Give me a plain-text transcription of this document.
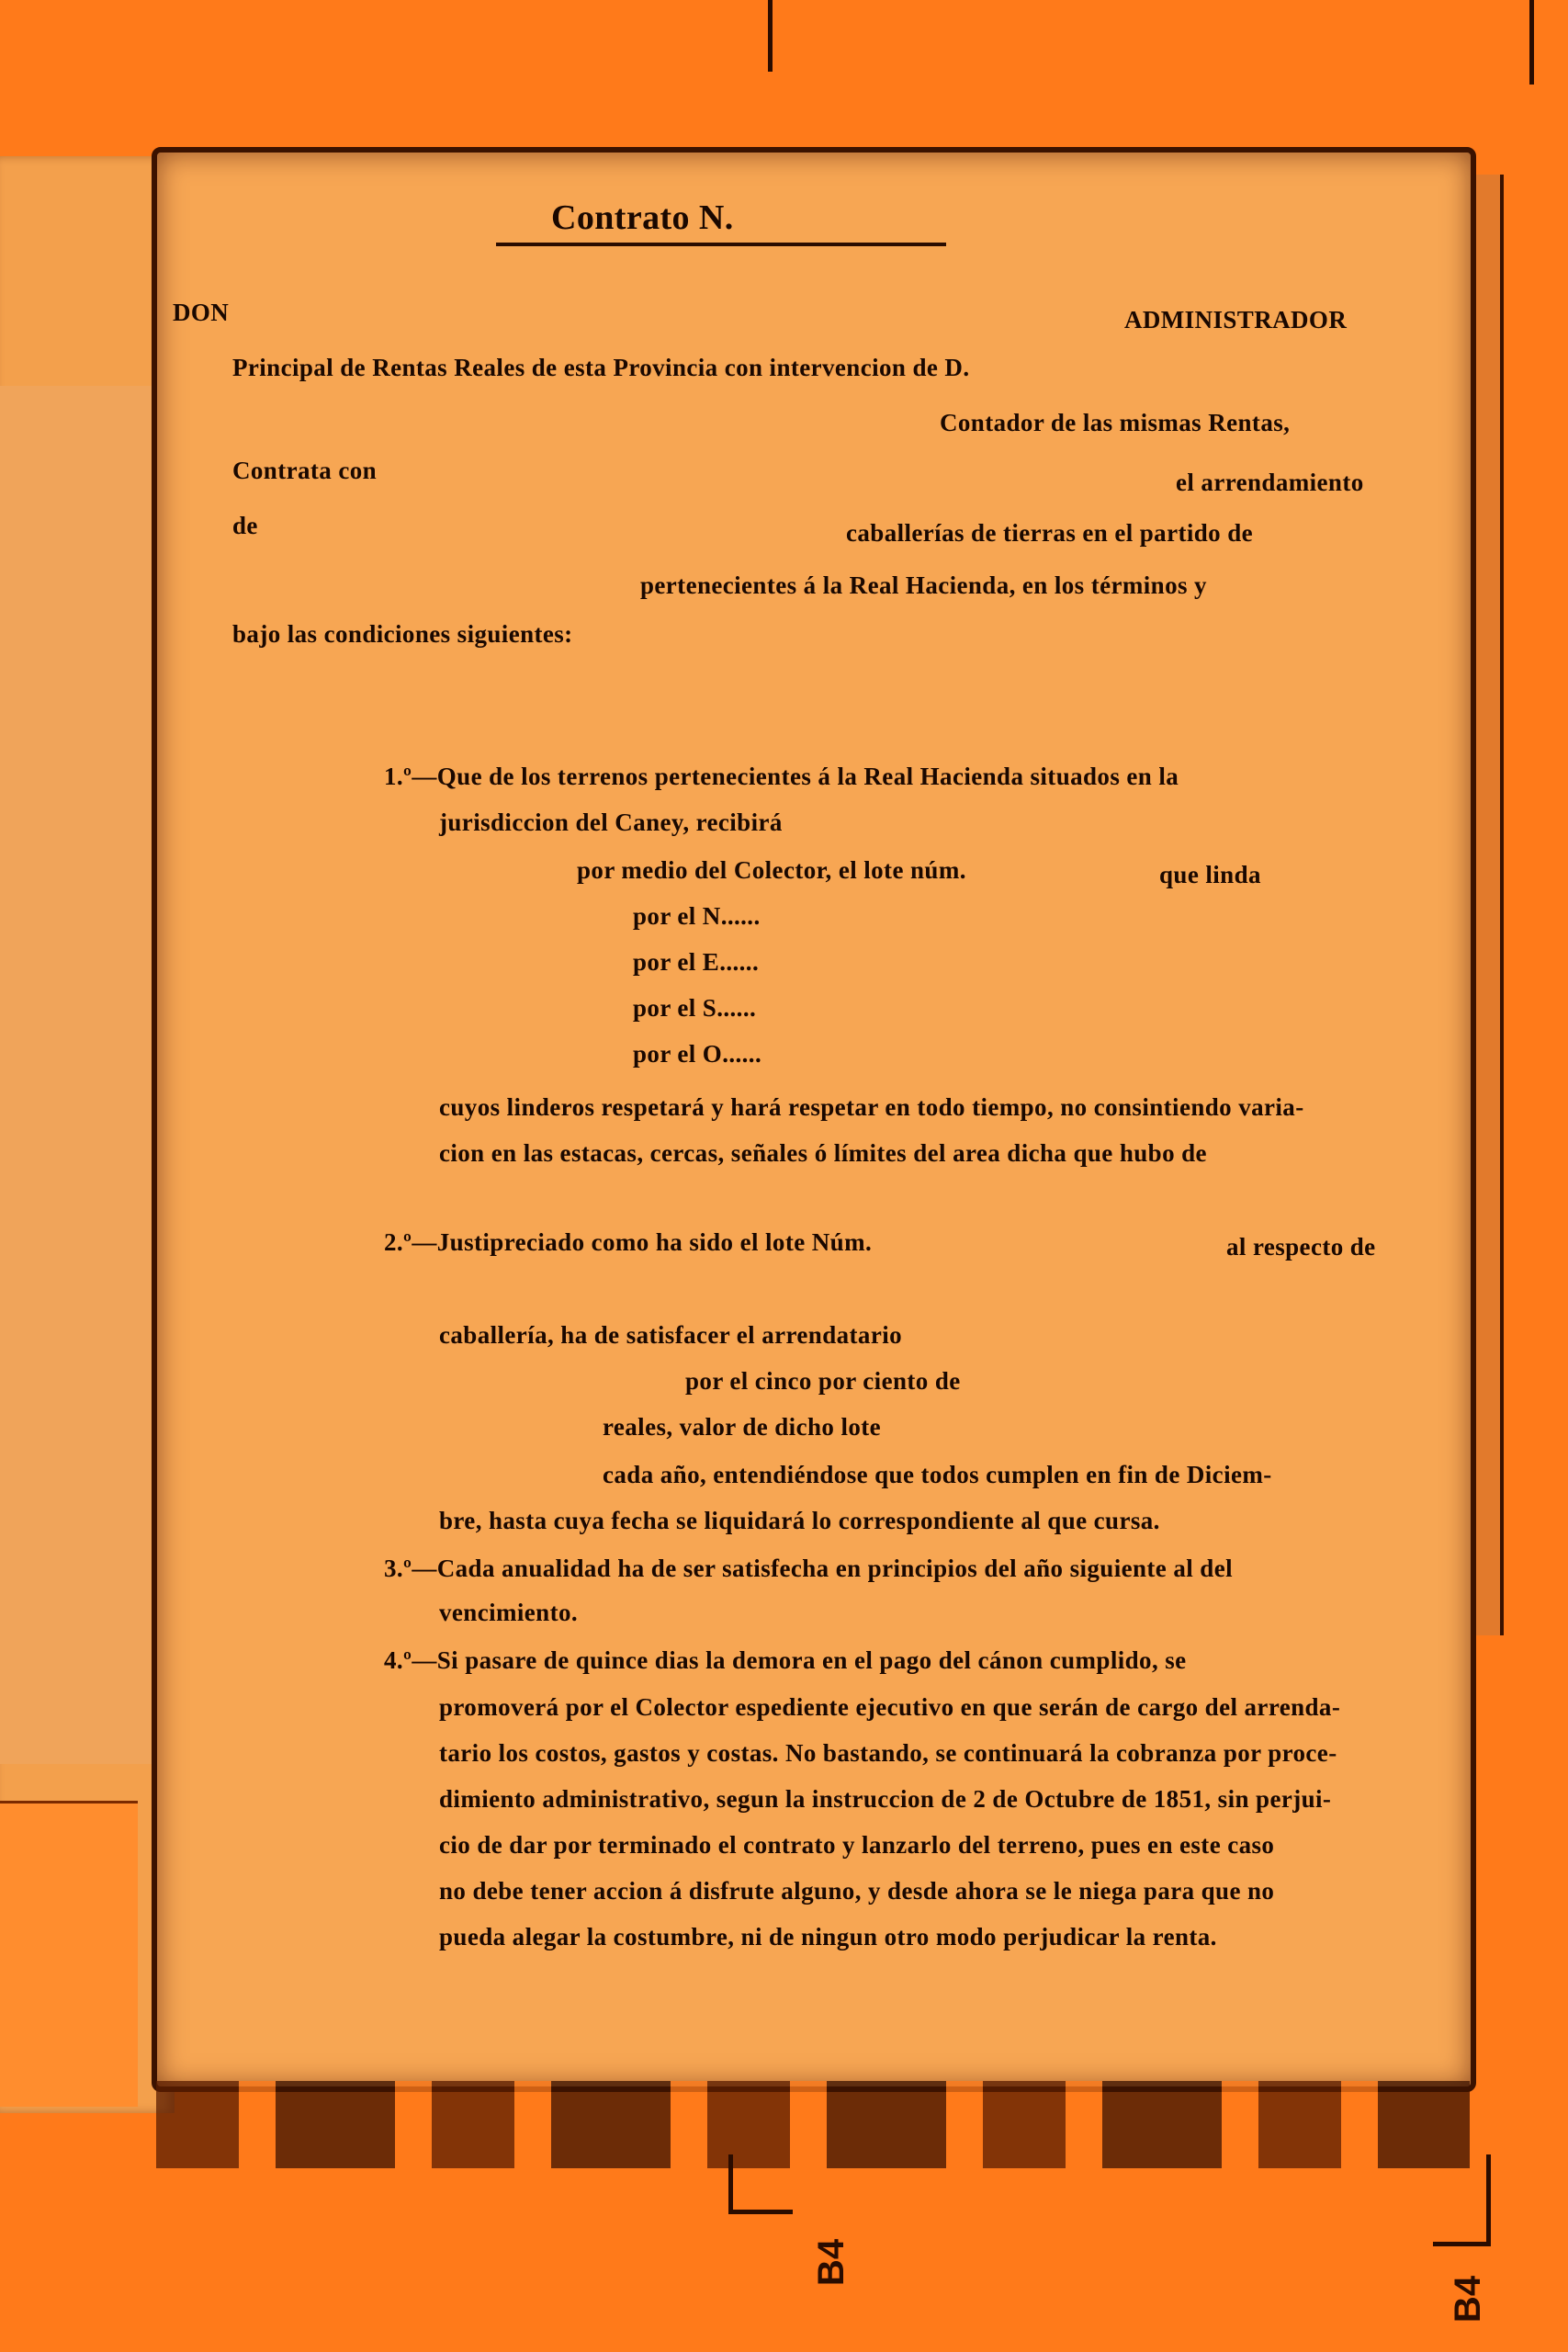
B4
B4
Contrato N.
DON	ADMINISTRADOR
Principal de Rentas Reales de esta Provincia con intervencion de D.
Contador de las mismas Rentas,
Contrata con	el arrendamiento
de	caballerías de tierras en el partido de
pertenecientes á la Real Hacienda, en los términos y
bajo las condiciones siguientes:
1.º—Que de los terrenos pertenecientes á la Real Hacienda situados en la
jurisdiccion del Caney, recibirá
por medio del Colector, el lote núm.	que linda
por el N......
por el E......
por el S......
por el O......
cuyos linderos respetará y hará respetar en todo tiempo, no consintiendo varia-
cion en las estacas, cercas, señales ó límites del area dicha que hubo de
2.º—Justipreciado como ha sido el lote Núm.	al respecto de
caballería, ha de satisfacer el arrendatario
por el cinco por ciento de
reales, valor de dicho lote
cada año, entendiéndose que todos cumplen en fin de Diciem-
bre, hasta cuya fecha se liquidará lo correspondiente al que cursa.
3.º—Cada anualidad ha de ser satisfecha en principios del año siguiente al del
vencimiento.
4.º—Si pasare de quince dias la demora en el pago del cánon cumplido, se
promoverá por el Colector espediente ejecutivo en que serán de cargo del arrenda-
tario los costos, gastos y costas. No bastando, se continuará la cobranza por proce-
dimiento administrativo, segun la instruccion de 2 de Octubre de 1851, sin perjui-
cio de dar por terminado el contrato y lanzarlo del terreno, pues en este caso
no debe tener accion á disfrute alguno, y desde ahora se le niega para que no
pueda alegar la costumbre, ni de ningun otro modo perjudicar la renta.
